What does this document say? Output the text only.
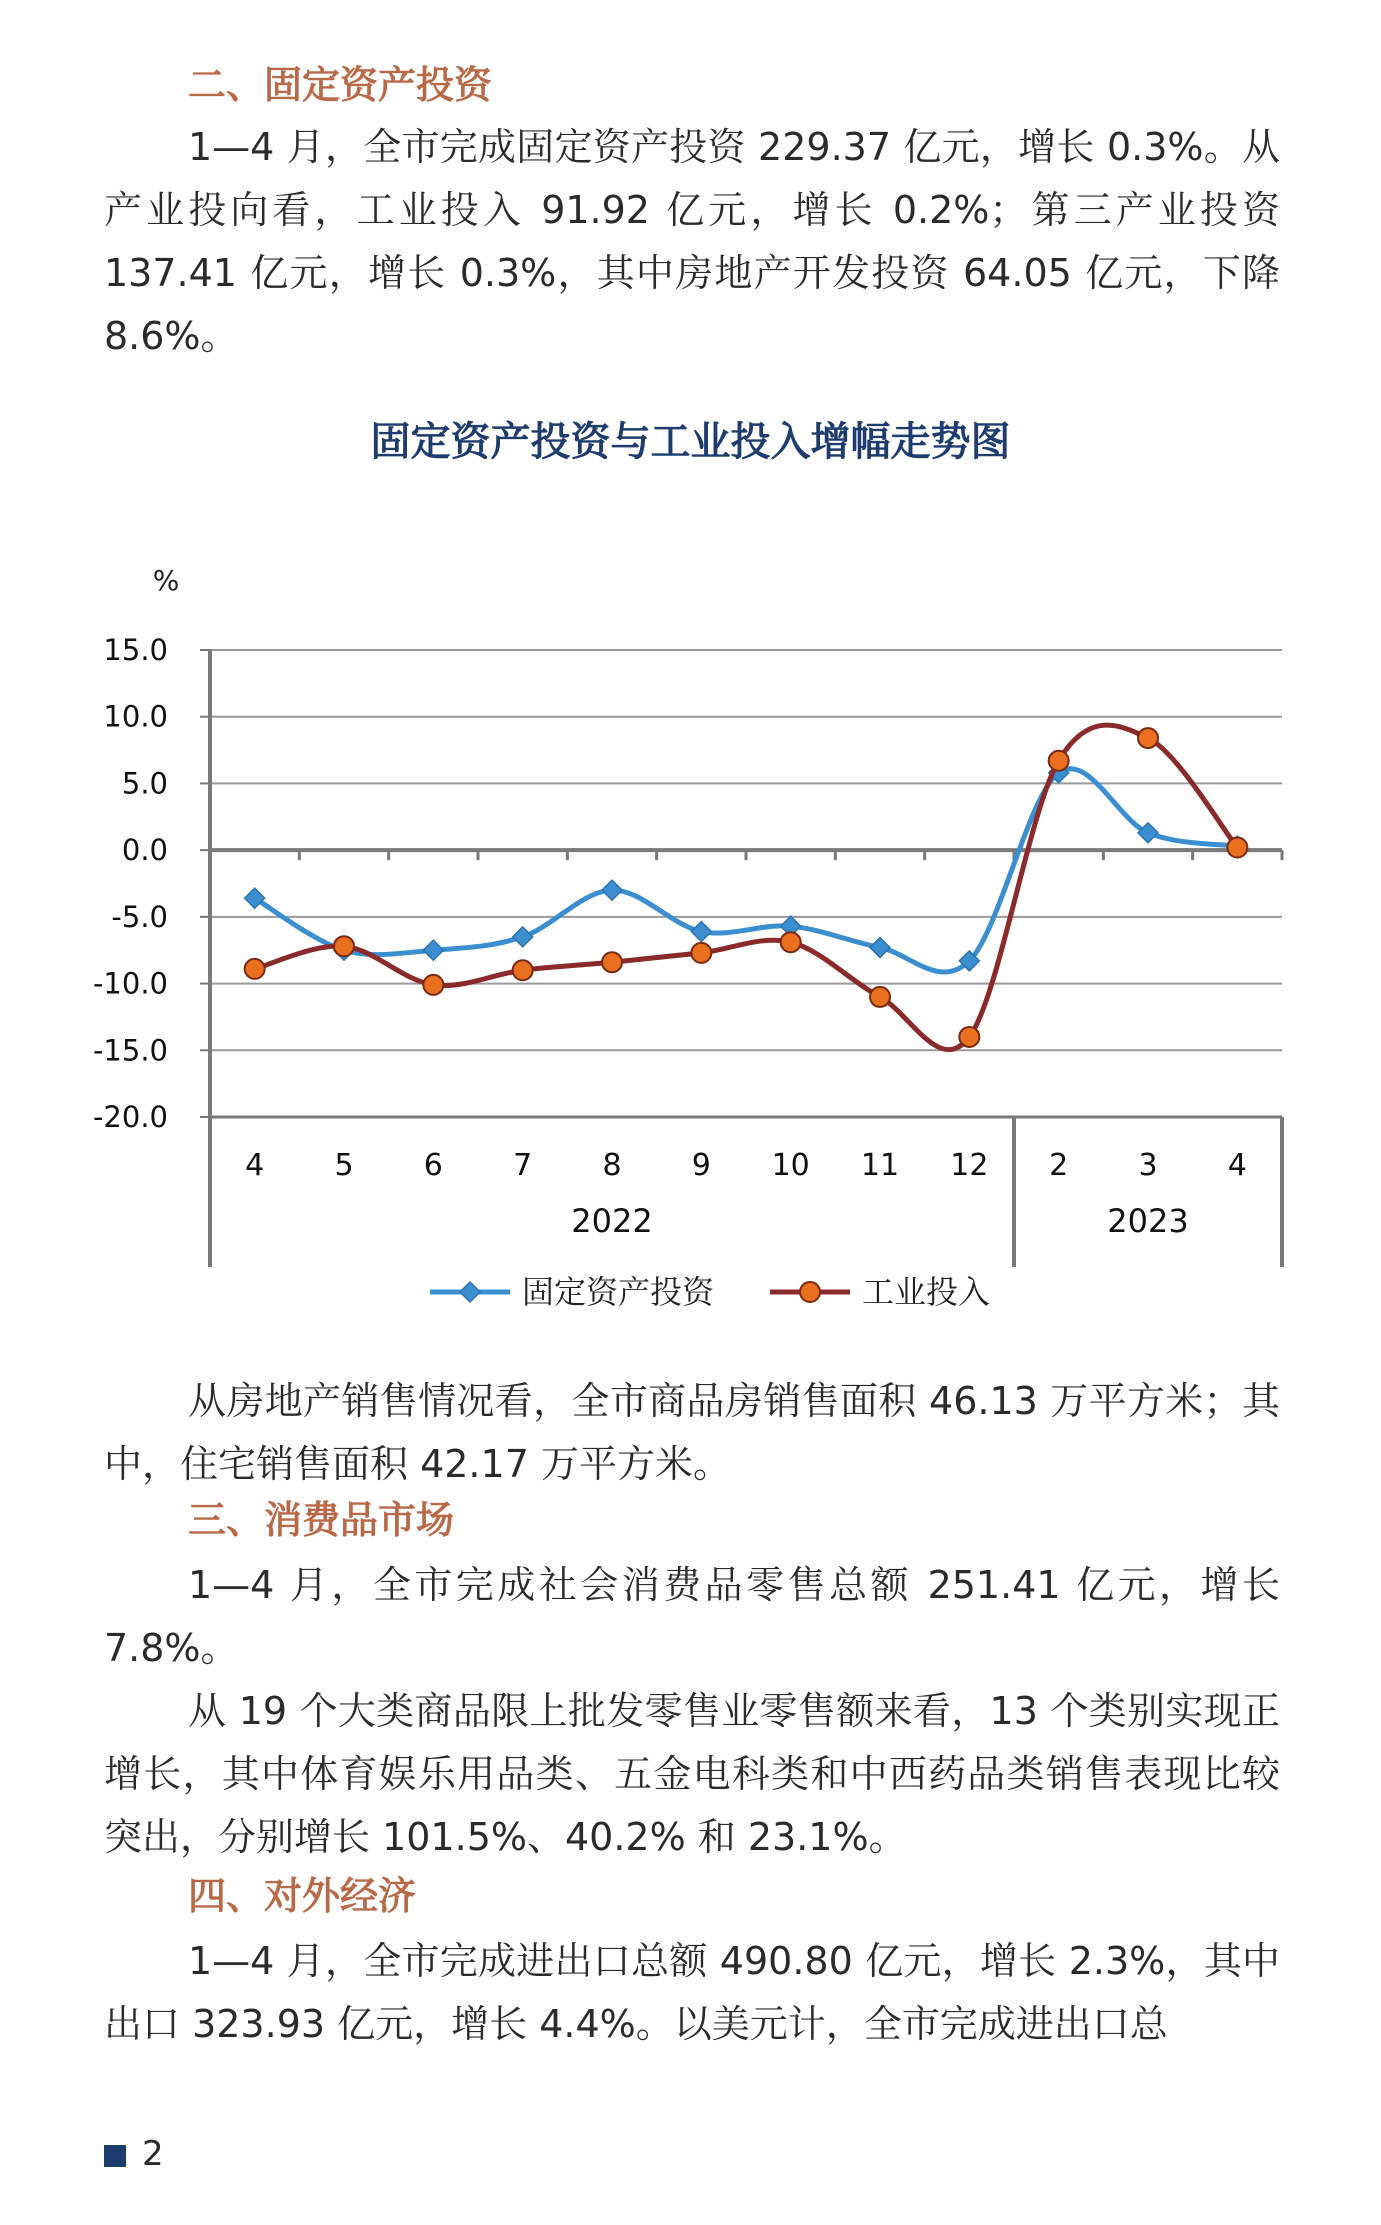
二、固定资产投资

1—4 月，全市完成固定资产投资 229.37 亿元，增长 0.3%。从产业投向看，工业投入 91.92 亿元，增长 0.2%；第三产业投资 137.41 亿元，增长 0.3%，其中房地产开发投资 64.05 亿元，下降 8.6%。

固定资产投资与工业投入增幅走势图
%
15.0
10.0
5.0
0.0
-5.0
-10.0
-15.0
-20.0
4 5 6 7 8 9 10 11 12 2 3 4
2022	2023
固定资产投资	工业投入

从房地产销售情况看，全市商品房销售面积 46.13 万平方米；其中，住宅销售面积 42.17 万平方米。

三、消费品市场

1—4 月，全市完成社会消费品零售总额 251.41 亿元，增长 7.8%。

从 19 个大类商品限上批发零售业零售额来看，13 个类别实现正增长，其中体育娱乐用品类、五金电科类和中西药品类销售表现比较突出，分别增长 101.5%、40.2% 和 23.1%。

四、对外经济

1—4 月，全市完成进出口总额 490.80 亿元，增长 2.3%，其中出口 323.93 亿元，增长 4.4%。以美元计，全市完成进出口总

2
